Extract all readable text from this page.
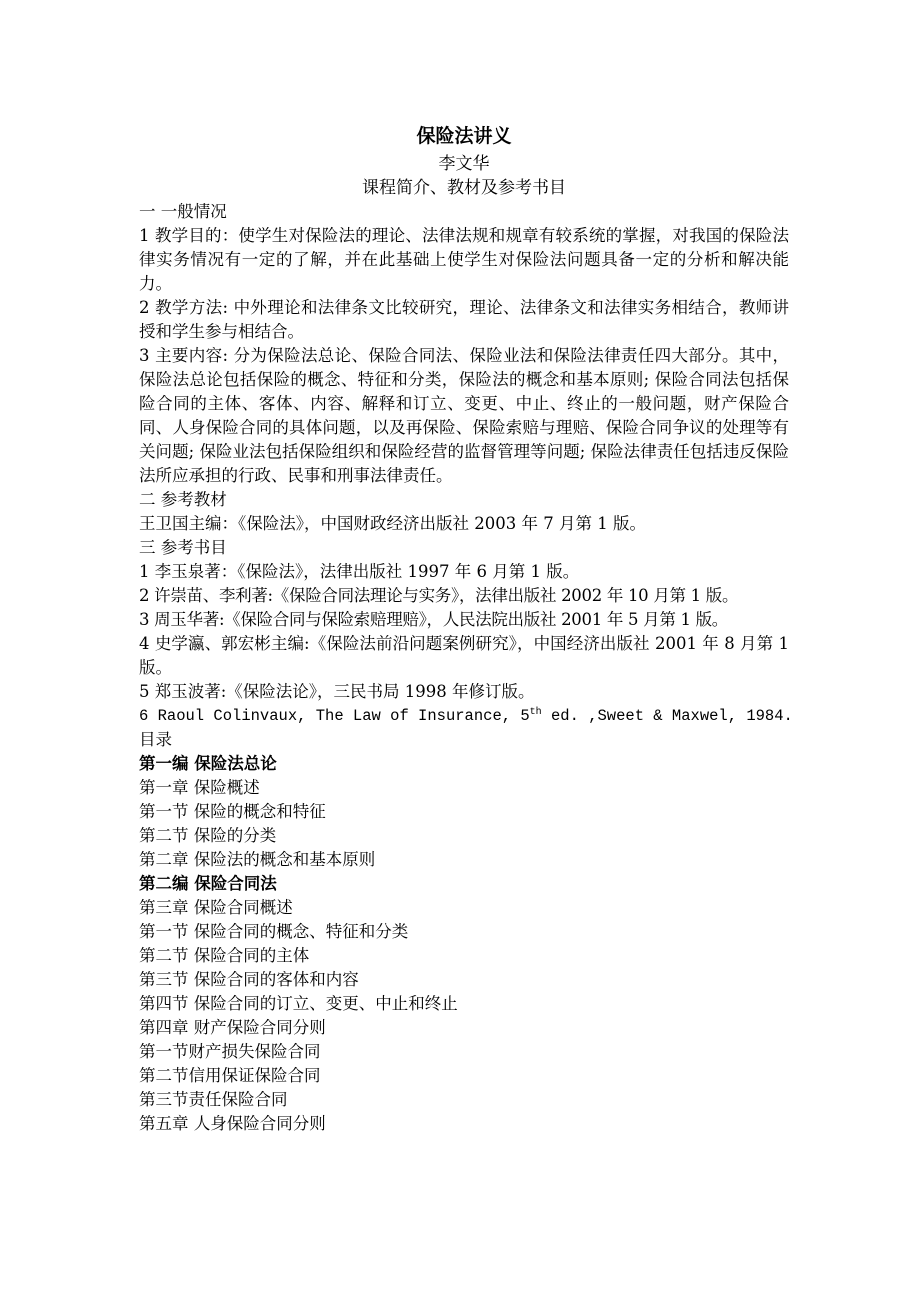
保险法讲义
李文华
课程简介、教材及参考书目

一 一般情况

1 教学目的：使学生对保险法的理论、法律法规和规章有较系统的掌握，对我国的保险法律实务情况有一定的了解，并在此基础上使学生对保险法问题具备一定的分析和解决能力。

2 教学方法: 中外理论和法律条文比较研究，理论、法律条文和法律实务相结合，教师讲授和学生参与相结合。

3 主要内容: 分为保险法总论、保险合同法、保险业法和保险法律责任四大部分。其中，保险法总论包括保险的概念、特征和分类，保险法的概念和基本原则; 保险合同法包括保险合同的主体、客体、内容、解释和订立、变更、中止、终止的一般问题，财产保险合同、人身保险合同的具体问题，以及再保险、保险索赔与理赔、保险合同争议的处理等有关问题; 保险业法包括保险组织和保险经营的监督管理等问题; 保险法律责任包括违反保险法所应承担的行政、民事和刑事法律责任。

二 参考教材

王卫国主编：《保险法》，中国财政经济出版社 2003 年 7 月第 1 版。

三 参考书目

1 李玉泉著：《保险法》，法律出版社 1997 年 6 月第 1 版。

2 许崇苗、李利著:《保险合同法理论与实务》，法律出版社 2002 年 10 月第 1 版。

3 周玉华著:《保险合同与保险索赔理赔》，人民法院出版社 2001 年 5 月第 1 版。

4 史学瀛、郭宏彬主编:《保险法前沿问题案例研究》，中国经济出版社 2001 年 8 月第 1 版。

5 郑玉波著:《保险法论》，三民书局 1998 年修订版。

6 Raoul Colinvaux, The Law of Insurance, 5th ed. ,Sweet & Maxwel, 1984.

目录

第一编 保险法总论

第一章 保险概述

第一节 保险的概念和特征

第二节 保险的分类

第二章 保险法的概念和基本原则

第二编 保险合同法

第三章 保险合同概述

第一节 保险合同的概念、特征和分类

第二节 保险合同的主体

第三节 保险合同的客体和内容

第四节 保险合同的订立、变更、中止和终止

第四章 财产保险合同分则

第一节财产损失保险合同

第二节信用保证保险合同

第三节责任保险合同

第五章 人身保险合同分则
